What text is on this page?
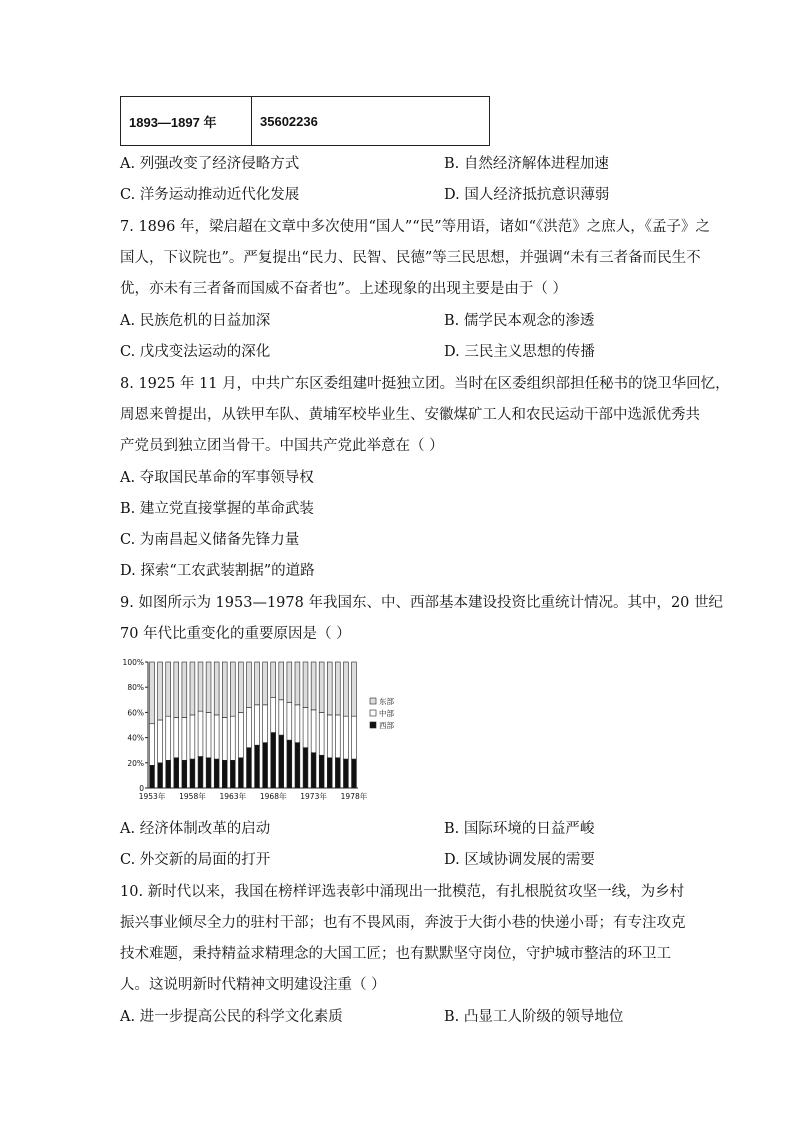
1893—1897 年	35602236
A. 列强改变了经济侵略方式	B. 自然经济解体进程加速
C. 洋务运动推动近代化发展	D. 国人经济抵抗意识薄弱
7. 1896 年，梁启超在文章中多次使用“国人”“民”等用语，诸如“《洪范》之庶人，《孟子》之
国人，下议院也”。严复提出“民力、民智、民德”等三民思想，并强调“未有三者备而民生不
优，亦未有三者备而国威不奋者也”。上述现象的出现主要是由于（ ）
A. 民族危机的日益加深	B. 儒学民本观念的渗透
C. 戊戌变法运动的深化	D. 三民主义思想的传播
8. 1925 年 11 月，中共广东区委组建叶挺独立团。当时在区委组织部担任秘书的饶卫华回忆，
周恩来曾提出，从铁甲车队、黄埔军校毕业生、安徽煤矿工人和农民运动干部中选派优秀共
产党员到独立团当骨干。中国共产党此举意在（ ）
A. 夺取国民革命的军事领导权
B. 建立党直接掌握的革命武装
C. 为南昌起义储备先锋力量
D. 探索“工农武装割据”的道路
9. 如图所示为 1953—1978 年我国东、中、西部基本建设投资比重统计情况。其中，20 世纪
70 年代比重变化的重要原因是（ ）
0
20%
40%
60%
80%
100%
1953年 1958年 1963年 1968年 1973年 1978年
东部
中部
西部
A. 经济体制改革的启动	B. 国际环境的日益严峻
C. 外交新的局面的打开	D. 区域协调发展的需要
10. 新时代以来，我国在榜样评选表彰中涌现出一批模范，有扎根脱贫攻坚一线，为乡村
振兴事业倾尽全力的驻村干部；也有不畏风雨，奔波于大街小巷的快递小哥；有专注攻克
技术难题，秉持精益求精理念的大国工匠；也有默默坚守岗位，守护城市整洁的环卫工
人。这说明新时代精神文明建设注重（ ）
A. 进一步提高公民的科学文化素质	B. 凸显工人阶级的领导地位
